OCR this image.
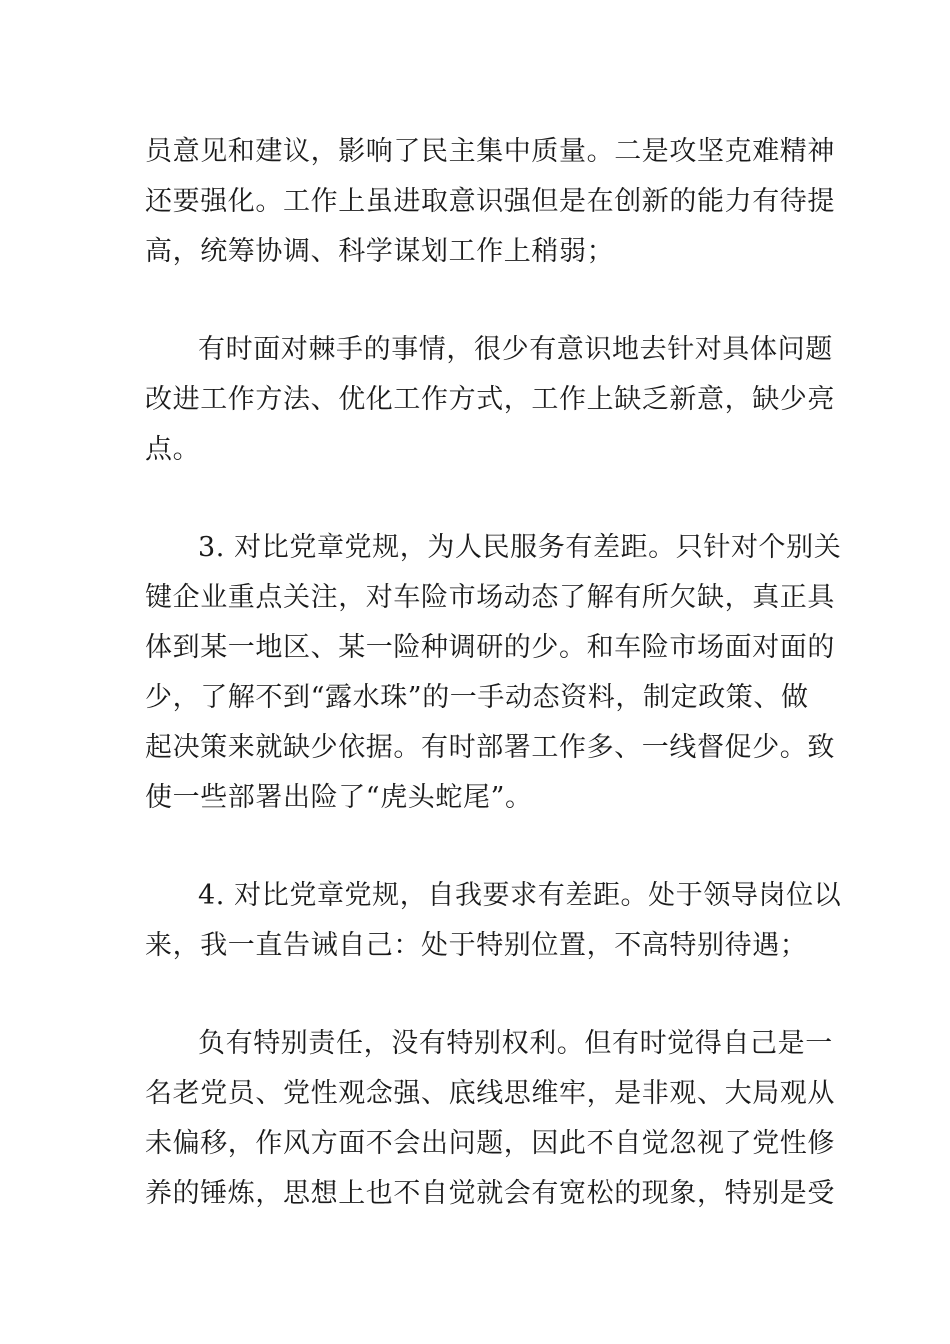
员意见和建议，影响了民主集中质量。二是攻坚克难精神
还要强化。工作上虽进取意识强但是在创新的能力有待提
高，统筹协调、科学谋划工作上稍弱；
有时面对棘手的事情，很少有意识地去针对具体问题
改进工作方法、优化工作方式，工作上缺乏新意，缺少亮
点。
3. 对比党章党规，为人民服务有差距。只针对个别关
键企业重点关注，对车险市场动态了解有所欠缺，真正具
体到某一地区、某一险种调研的少。和车险市场面对面的
少，了解不到“露水珠”的一手动态资料，制定政策、做
起决策来就缺少依据。有时部署工作多、一线督促少。致
使一些部署出险了“虎头蛇尾”。
4. 对比党章党规，自我要求有差距。处于领导岗位以
来，我一直告诫自己：处于特别位置，不高特别待遇；
负有特别责任，没有特别权利。但有时觉得自己是一
名老党员、党性观念强、底线思维牢，是非观、大局观从
未偏移，作风方面不会出问题，因此不自觉忽视了党性修
养的锤炼，思想上也不自觉就会有宽松的现象，特别是受
